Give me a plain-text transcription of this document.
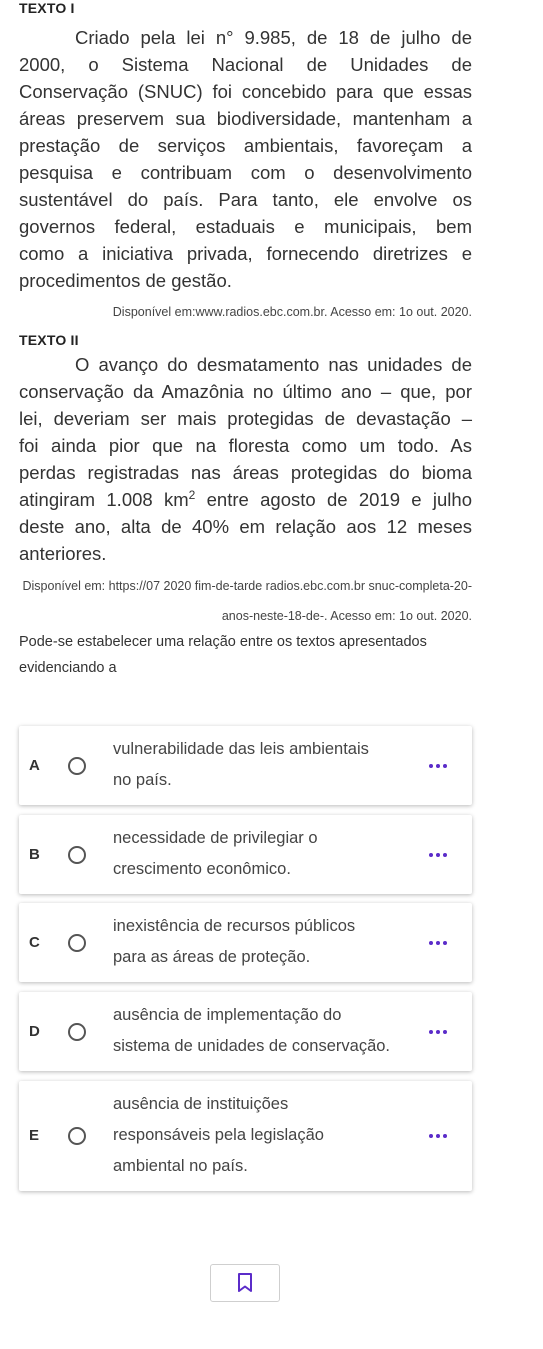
TEXTO I
Criado pela lei n° 9.985, de 18 de julho de
2000, o Sistema Nacional de Unidades de
Conservação (SNUC) foi concebido para que essas
áreas preservem sua biodiversidade, mantenham a
prestação de serviços ambientais, favoreçam a
pesquisa e contribuam com o desenvolvimento
sustentável do país. Para tanto, ele envolve os
governos federal, estaduais e municipais, bem
como a iniciativa privada, fornecendo diretrizes e
procedimentos de gestão.
Disponível em:www.radios.ebc.com.br. Acesso em: 1o out. 2020.
TEXTO II
O avanço do desmatamento nas unidades de
conservação da Amazônia no último ano – que, por
lei, deveriam ser mais protegidas de devastação –
foi ainda pior que na floresta como um todo. As
perdas registradas nas áreas protegidas do bioma
atingiram 1.008 $km^2$ entre agosto de 2019 e julho
deste ano, alta de 40% em relação aos 12 meses
anteriores.
Disponível em: https://07 2020 fim-de-tarde radios.ebc.com.br snuc-completa-20-
anos-neste-18-de-. Acesso em: 1o out. 2020.
Pode-se estabelecer uma relação entre os textos apresentados
evidenciando a
A
vulnerabilidade das leis ambientais
no país.
B
necessidade de privilegiar o
crescimento econômico.
C
inexistência de recursos públicos
para as áreas de proteção.
D
ausência de implementação do
sistema de unidades de conservação.
E
ausência de instituições
responsáveis pela legislação
ambiental no país.
